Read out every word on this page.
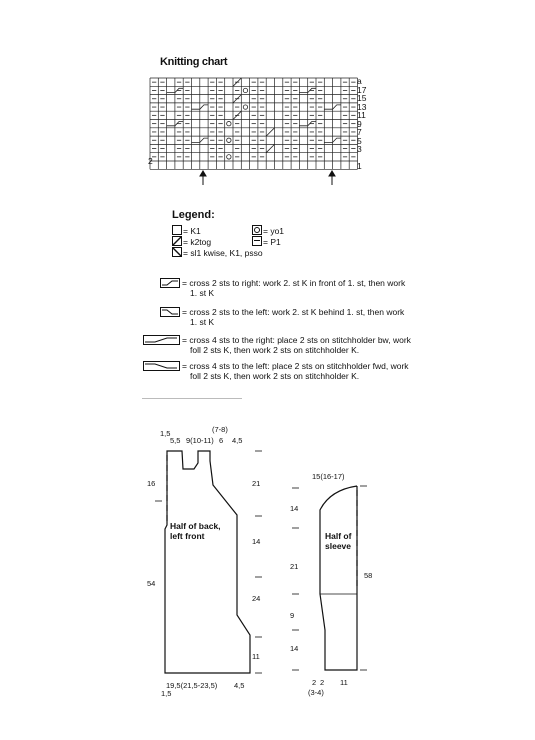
Knitting chart
a
17
15
13
11
9
7
5
3
1
2
Legend:
= K1	= yo1
= k2tog	= P1
= sl1 kwise, K1, psso
= cross 2 sts to right: work 2. st K in front of 1. st, then work
1. st K
= cross 2 sts to the left: work 2. st K behind 1. st, then work
1. st K
= cross 4 sts to the right: place 2 sts on stitchholder bw, work
foll 2 sts K, then work 2 sts on stitchholder K.
= cross 4 sts to the left: place 2 sts on stitchholder fwd, work
foll 2 sts K, then work 2 sts on stitchholder K.
1,5
5,5 9(10-11)
(7-8)
6 4,5
16
54
21
14
24
11
Half of back,
left front
19,5(21,5-23,5) 4,5
1,5
15(16-17)
14
21
9
14
58
Half of
sleeve
2 2 11
(3-4)
